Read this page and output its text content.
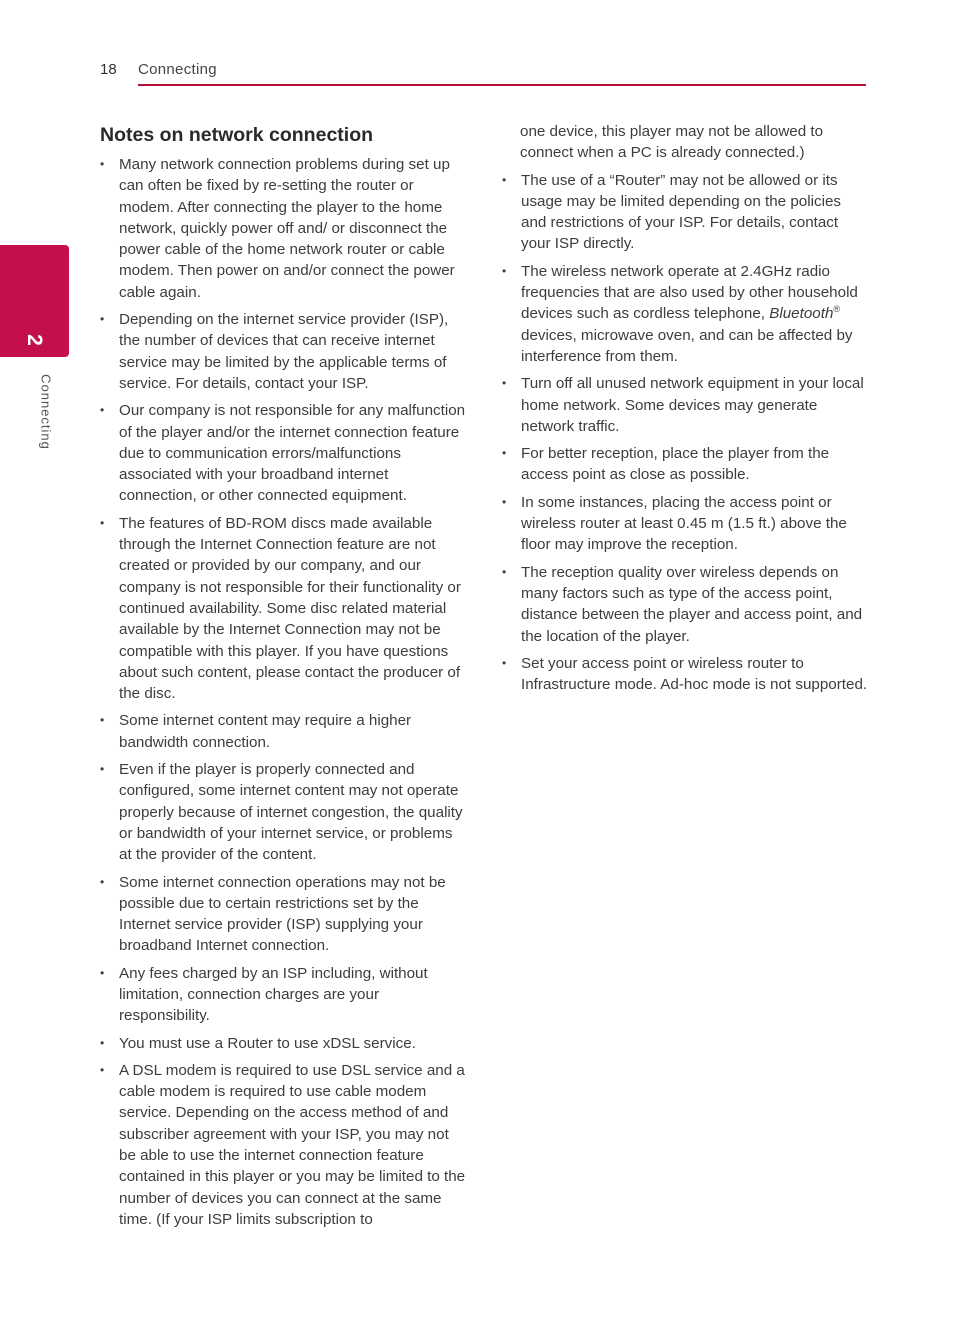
18 Connecting
2
Connecting
Notes on network connection
• Many network connection problems during set up can often be fixed by re-setting the router or modem. After connecting the player to the home network, quickly power off and/ or disconnect the power cable of the home network router or cable modem. Then power on and/or connect the power cable again.
• Depending on the internet service provider (ISP), the number of devices that can receive internet service may be limited by the applicable terms of service. For details, contact your ISP.
• Our company is not responsible for any malfunction of the player and/or the internet connection feature due to communication errors/malfunctions associated with your broadband internet connection, or other connected equipment.
• The features of BD-ROM discs made available through the Internet Connection feature are not created or provided by our company, and our company is not responsible for their functionality or continued availability. Some disc related material available by the Internet Connection may not be compatible with this player. If you have questions about such content, please contact the producer of the disc.
• Some internet content may require a higher bandwidth connection.
• Even if the player is properly connected and configured, some internet content may not operate properly because of internet congestion, the quality or bandwidth of your internet service, or problems at the provider of the content.
• Some internet connection operations may not be possible due to certain restrictions set by the Internet service provider (ISP) supplying your broadband Internet connection.
• Any fees charged by an ISP including, without limitation, connection charges are your responsibility.
• You must use a Router to use xDSL service.
• A DSL modem is required to use DSL service and a cable modem is required to use cable modem service. Depending on the access method of and subscriber agreement with your ISP, you may not be able to use the internet connection feature contained in this player or you may be limited to the number of devices you can connect at the same time. (If your ISP limits subscription to
one device, this player may not be allowed to connect when a PC is already connected.)
• The use of a “Router” may not be allowed or its usage may be limited depending on the policies and restrictions of your ISP. For details, contact your ISP directly.
• The wireless network operate at 2.4GHz radio frequencies that are also used by other household devices such as cordless telephone, Bluetooth® devices, microwave oven, and can be affected by interference from them.
• Turn off all unused network equipment in your local home network. Some devices may generate network traffic.
• For better reception, place the player from the access point as close as possible.
• In some instances, placing the access point or wireless router at least 0.45 m (1.5 ft.) above the floor may improve the reception.
• The reception quality over wireless depends on many factors such as type of the access point, distance between the player and access point, and the location of the player.
• Set your access point or wireless router to Infrastructure mode. Ad-hoc mode is not supported.
